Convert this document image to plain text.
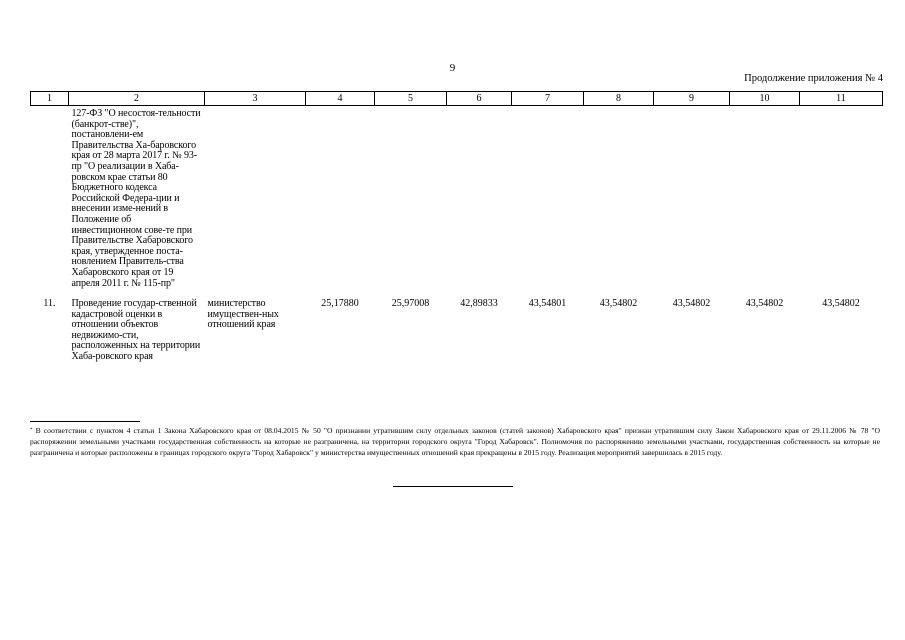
9
Продолжение приложения № 4
1	2	3	4	5	6	7	8	9	10	11
	127-ФЗ "О несостоя-тельности (банкрот-стве)", постановлени-ем Правительства Ха-баровского края от 28 марта 2017 г. № 93-пр "О реализации в Хаба-ровском крае статьи 80 Бюджетного кодекса Российской Федера-ции и внесении изме-нений в Положение об инвестиционном сове-те при Правительстве Хабаровского края, утвержденное поста-новлением Правитель-ства Хабаровского края от 19 апреля 2011 г. № 115-пр"									
11.	Проведение государ-ственной кадастровой оценки в отношении объектов недвижимо-сти, расположенных на территории Хаба-ровского края	министерство имуществен-ных отношений края	25,17880	25,97008	42,89833	43,54801	43,54802	43,54802	43,54802	43,54802
* В соответствии с пунктом 4 статьи 1 Закона Хабаровского края от 08.04.2015 № 50 "О признании утратившим силу отдельных законов (статей законов) Хабаровского края" признан утратившим силу Закон Хабаровского края от 29.11.2006 № 78 "О распоряжении земельными участками государственная собственность на которые не разграничена, на территории городского округа "Город Хабаровск". Полномочия по распоряжению земельными участками, государственная собственность на которые не разграничена и которые расположены в границах городского округа "Город Хабаровск" у министерства имущественных отношений края прекращены в 2015 году. Реализация мероприятий завершилась в 2015 году.
